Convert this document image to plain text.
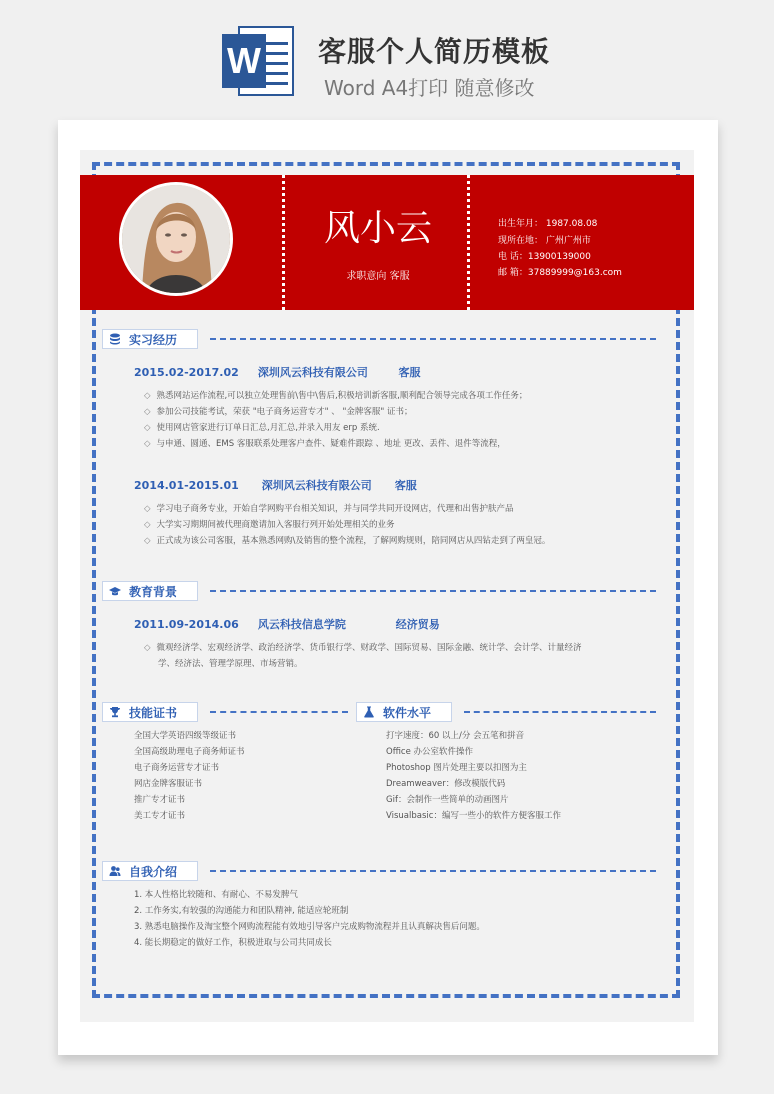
W 客服个人简历模板
Word A4打印 随意修改
风小云
求职意向 客服
出生年月： 1987.08.08
现所在地： 广州广州市
电 话：13900139000
邮 箱：37889999@163.com
实习经历
2015.02-2017.02     深圳风云科技有限公司        客服
◇ 熟悉网站运作流程,可以独立处理售前\售中\售后,积极培训新客服,顺利配合领导完成各项工作任务；
◇ 参加公司技能考试，荣获 "电子商务运营专才" 、 "金牌客服" 证书；
◇ 使用网店管家进行订单日汇总,月汇总,并录入用友 erp 系统.
◇ 与申通、圆通、EMS 客服联系处理客户查件、疑难件跟踪 、地址 更改、丢件、退件等流程，
2014.01-2015.01      深圳风云科技有限公司      客服
◇ 学习电子商务专业，开始自学网购平台相关知识，并与同学共同开设网店，代理和出售护肤产品
◇ 大学实习期期间被代理商邀请加入客服行列开始处理相关的业务
◇ 正式成为该公司客服，基本熟悉网购\及销售的整个流程，了解网购规则，陪同网店从四钻走到了两皇冠。
教育背景
2011.09-2014.06     风云科技信息学院             经济贸易
◇ 微观经济学、宏观经济学、政治经济学、货币银行学、财政学、国际贸易、国际金融、统计学、会计学、计量经济
学、经济法、管理学原理、市场营销。
技能证书	软件水平
全国大学英语四级等级证书
全国高级助理电子商务师证书
电子商务运营专才证书
网店金牌客服证书
推广专才证书
美工专才证书
打字速度：60 以上/分 会五笔和拼音
Office 办公室软件操作
Photoshop 图片处理主要以扣图为主
Dreamweaver：修改模版代码
Gif：会制作一些简单的动画图片
Visualbasic：编写一些小的软件方便客服工作
自我介绍
1. 本人性格比较随和、有耐心、不易发脾气
2. 工作务实,有较强的沟通能力和团队精神, 能适应轮班制
3. 熟悉电脑操作及淘宝整个网购流程能有效地引导客户完成购物流程并且认真解决售后问题。
4. 能长期稳定的做好工作，积极进取与公司共同成长
